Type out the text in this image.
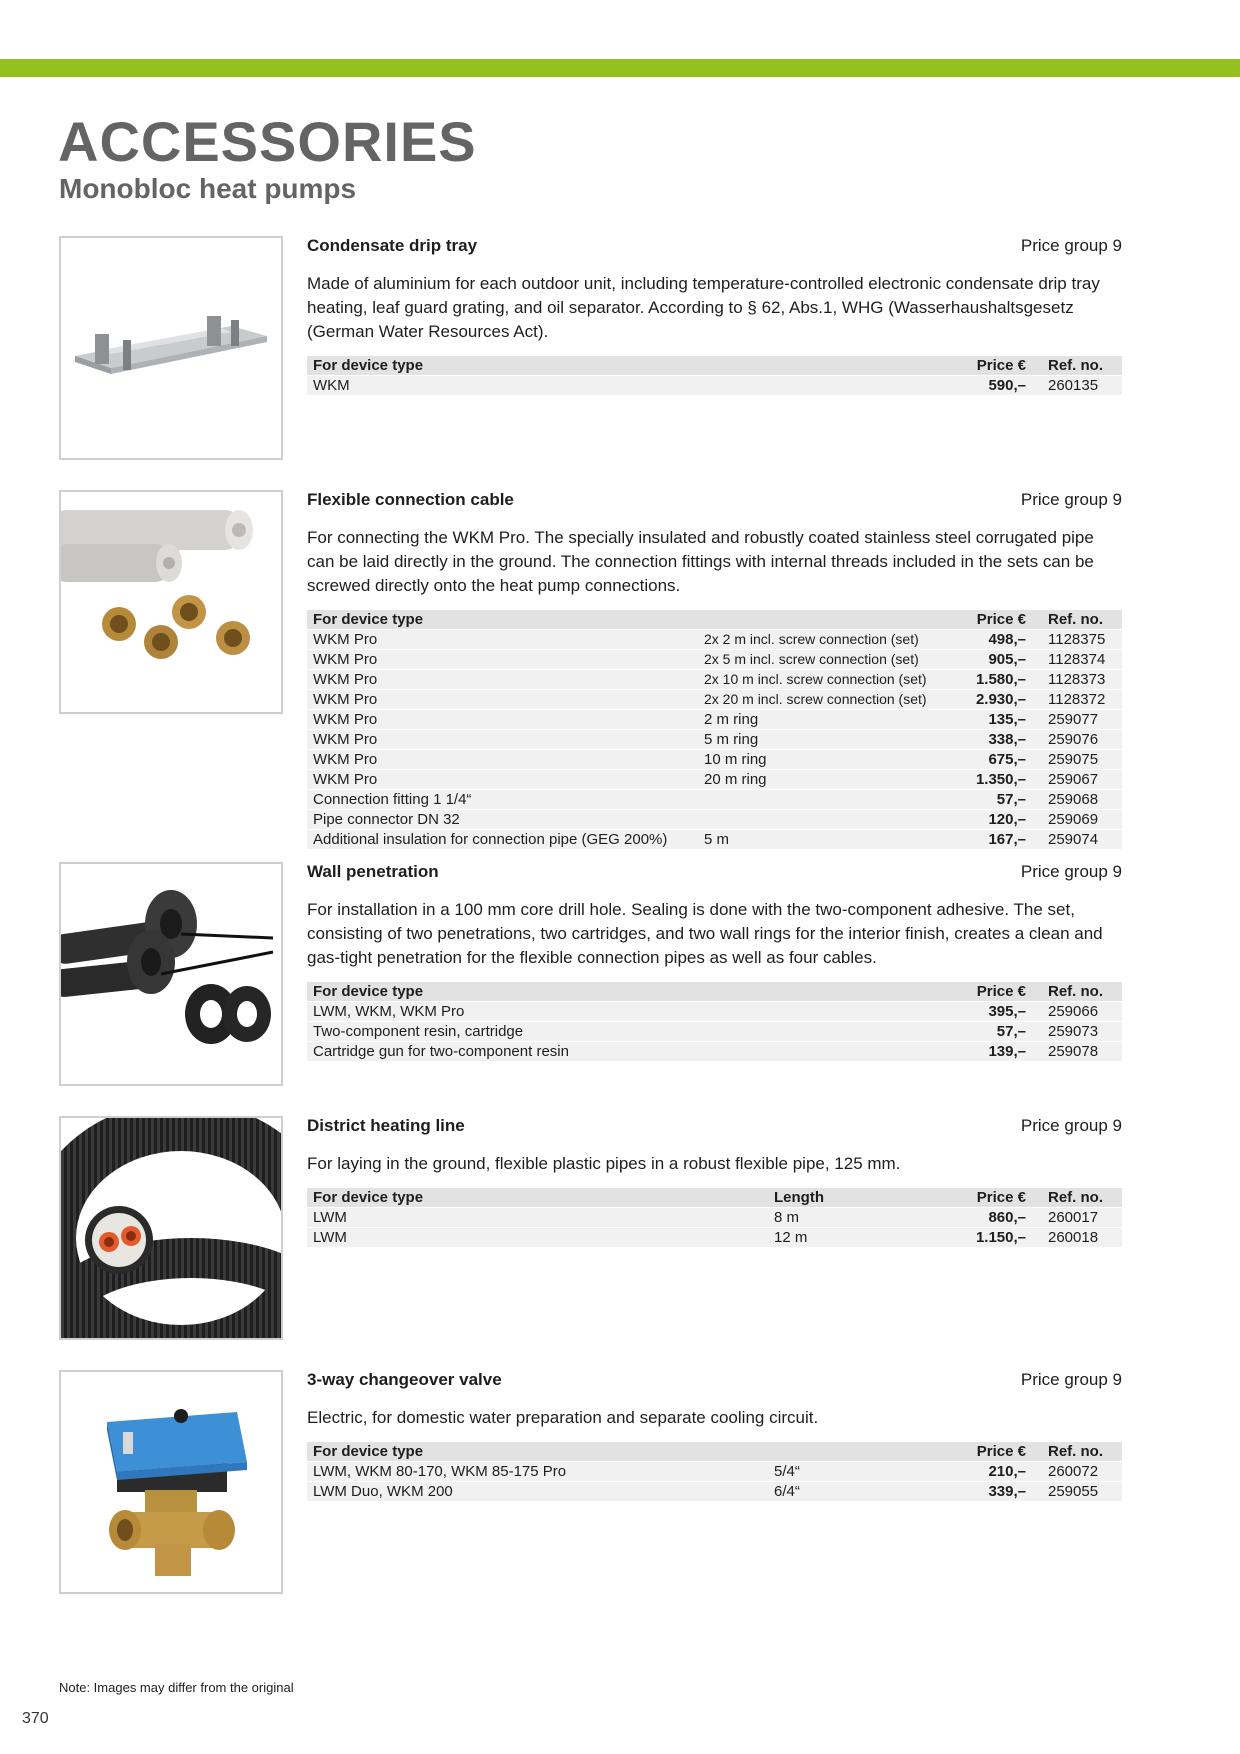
ACCESSORIES
Monobloc heat pumps
Condensate drip tray	Price group 9
Made of aluminium for each outdoor unit, including temperature-controlled electronic condensate drip tray heating, leaf guard grating, and oil separator. According to § 62, Abs.1, WHG (Wasserhaushaltsgesetz (German Water Resources Act).
For device type		Price €	Ref. no.
WKM		590,–	260135
Flexible connection cable	Price group 9
For connecting the WKM Pro. The specially insulated and robustly coated stainless steel corrugated pipe can be laid directly in the ground. The connection fittings with internal threads included in the sets can be screwed directly onto the heat pump connections.
For device type		Price €	Ref. no.
WKM Pro	2x 2 m incl. screw connection (set)	498,–	1128375
WKM Pro	2x 5 m incl. screw connection (set)	905,–	1128374
WKM Pro	2x 10 m incl. screw connection (set)	1.580,–	1128373
WKM Pro	2x 20 m incl. screw connection (set)	2.930,–	1128372
WKM Pro	2 m ring	135,–	259077
WKM Pro	5 m ring	338,–	259076
WKM Pro	10 m ring	675,–	259075
WKM Pro	20 m ring	1.350,–	259067
Connection fitting 1 1/4“		57,–	259068
Pipe connector DN 32		120,–	259069
Additional insulation for connection pipe (GEG 200%)	5 m	167,–	259074
Wall penetration	Price group 9
For installation in a 100 mm core drill hole. Sealing is done with the two-component adhesive. The set, consisting of two penetrations, two cartridges, and two wall rings for the interior finish, creates a clean and gas-tight penetration for the flexible connection pipes as well as four cables.
For device type		Price €	Ref. no.
LWM, WKM, WKM Pro		395,–	259066
Two-component resin, cartridge		57,–	259073
Cartridge gun for two-component resin		139,–	259078
District heating line	Price group 9
For laying in the ground, flexible plastic pipes in a robust flexible pipe, 125 mm.
For device type	Length	Price €	Ref. no.
LWM	8 m	860,–	260017
LWM	12 m	1.150,–	260018
3-way changeover valve	Price group 9
Electric, for domestic water preparation and separate cooling circuit.
For device type		Price €	Ref. no.
LWM, WKM 80-170, WKM 85-175 Pro	5/4“	210,–	260072
LWM Duo, WKM 200	6/4“	339,–	259055
Note: Images may differ from the original
370
